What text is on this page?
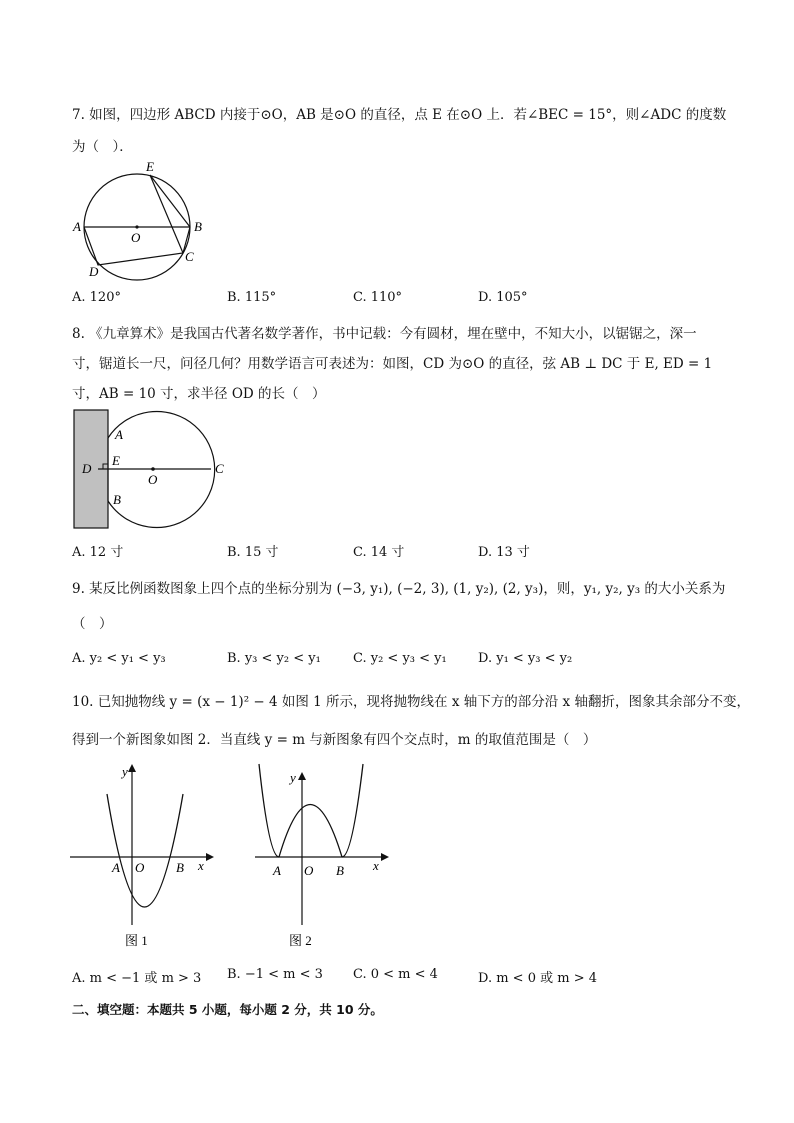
7. 如图，四边形 ABCD 内接于⊙O，AB 是⊙O 的直径，点 E 在⊙O 上．若∠BEC = 15°，则∠ADC 的度数
为（　）．
A	B
C
D
E
O
A. 120°	B. 115°	C. 110°	D. 105°
8. 《九章算术》是我国古代著名数学著作，书中记载：今有圆材，埋在壁中，不知大小，以锯锯之，深一
寸，锯道长一尺，问径几何？用数学语言可表述为：如图，CD 为⊙O 的直径，弦 AB ⊥ DC 于 E, ED = 1
寸，AB = 10 寸，求半径 OD 的长（　）
A
B
C
D
E
O
A. 12 寸	B. 15 寸	C. 14 寸	D. 13 寸
9. 某反比例函数图象上四个点的坐标分别为 (−3, y₁), (−2, 3), (1, y₂), (2, y₃)，则，y₁, y₂, y₃ 的大小关系为
（　）
A. y₂ < y₁ < y₃	B. y₃ < y₂ < y₁ C. y₂ < y₃ < y₁ D. y₁ < y₃ < y₂
10. 已知抛物线 y = (x − 1)² − 4 如图 1 所示，现将抛物线在 x 轴下方的部分沿 x 轴翻折，图象其余部分不变，
得到一个新图象如图 2．当直线 y = m 与新图象有四个交点时，m 的取值范围是（　）
y
x
A O B
图 1
y
x
A O B
图 2
A. m < −1 或 m > 3 B. −1 < m < 3 C. 0 < m < 4	D. m < 0 或 m > 4
二、填空题：本题共 5 小题，每小题 2 分，共 10 分。
